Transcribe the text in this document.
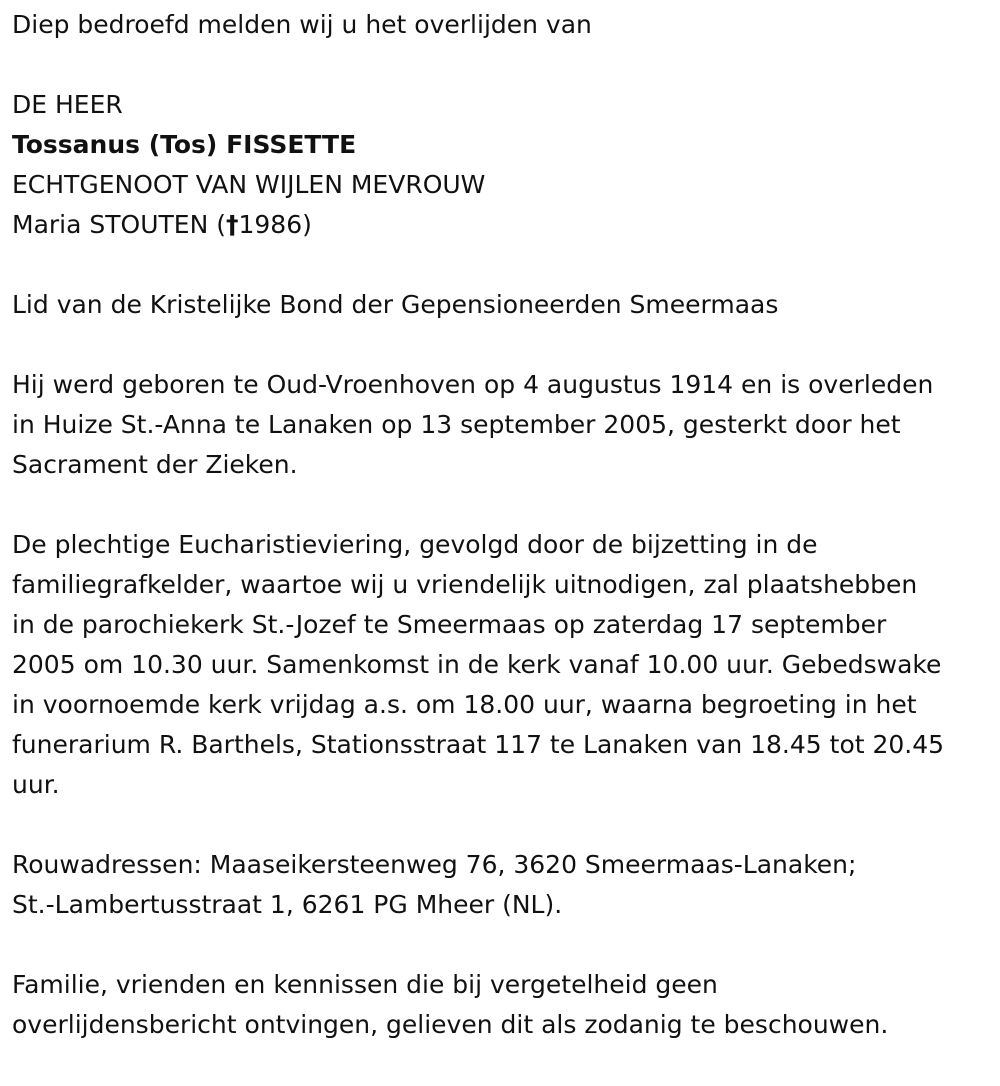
Diep bedroefd melden wij u het overlijden van
DE HEER
Tossanus (Tos) FISSETTE
ECHTGENOOT VAN WIJLEN MEVROUW
Maria STOUTEN (†1986)
Lid van de Kristelijke Bond der Gepensioneerden Smeermaas
Hij werd geboren te Oud-Vroenhoven op 4 augustus 1914 en is overleden
in Huize St.-Anna te Lanaken op 13 september 2005, gesterkt door het
Sacrament der Zieken.
De plechtige Eucharistieviering, gevolgd door de bijzetting in de
familiegrafkelder, waartoe wij u vriendelijk uitnodigen, zal plaatshebben
in de parochiekerk St.-Jozef te Smeermaas op zaterdag 17 september
2005 om 10.30 uur. Samenkomst in de kerk vanaf 10.00 uur. Gebedswake
in voornoemde kerk vrijdag a.s. om 18.00 uur, waarna begroeting in het
funerarium R. Barthels, Stationsstraat 117 te Lanaken van 18.45 tot 20.45
uur.
Rouwadressen: Maaseikersteenweg 76, 3620 Smeermaas-Lanaken;
St.-Lambertusstraat 1, 6261 PG Mheer (NL).
Familie, vrienden en kennissen die bij vergetelheid geen
overlijdensbericht ontvingen, gelieven dit als zodanig te beschouwen.
